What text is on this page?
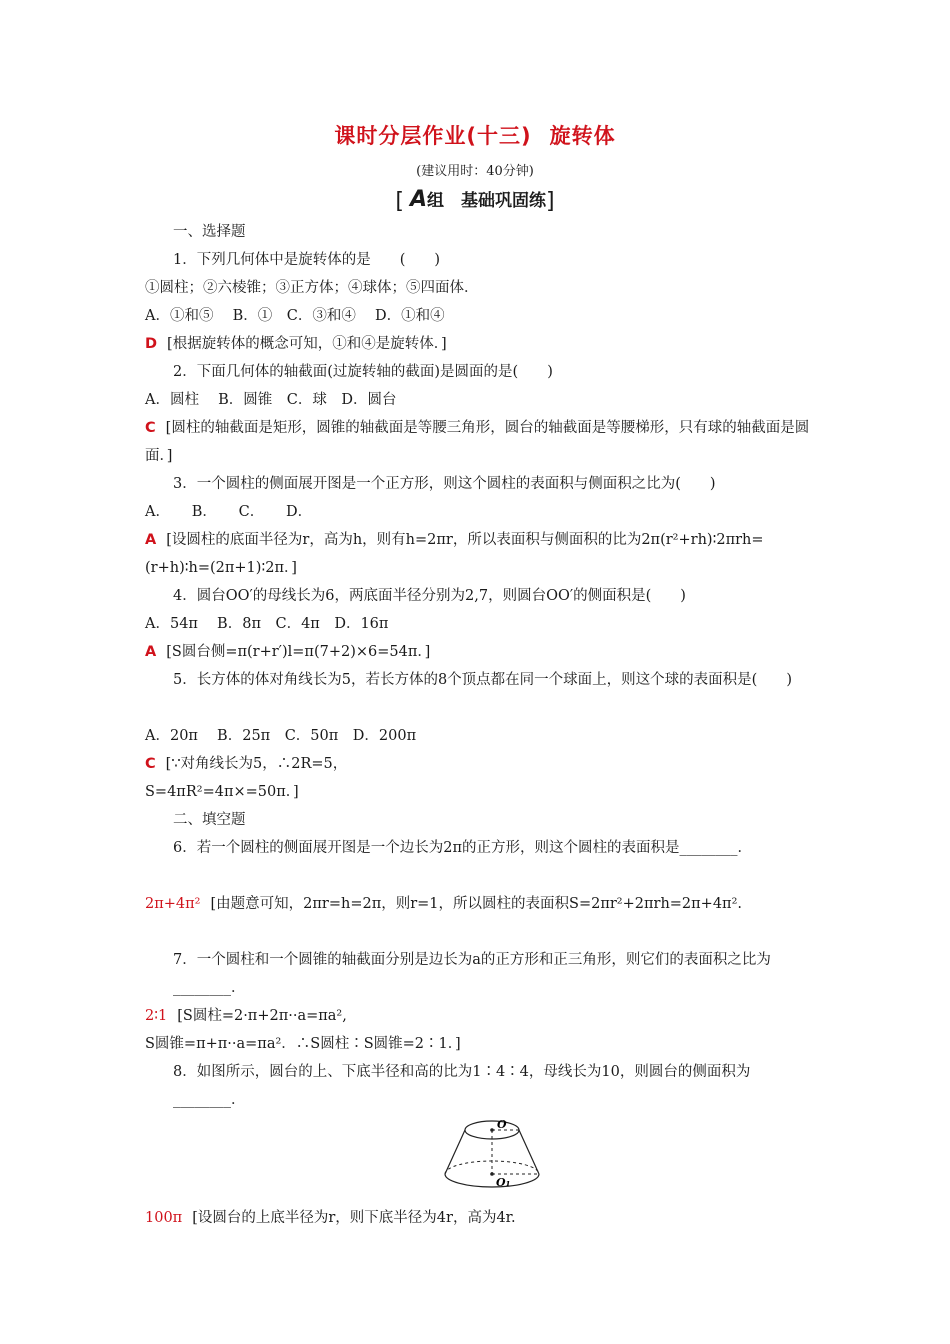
课时分层作业(十三) 旋转体
(建议用时：40分钟)
[ A组　基础巩固练]
一、选择题
1．下列几何体中是旋转体的是　　(　　)
①圆柱；②六棱锥；③正方体；④球体；⑤四面体．
A．①和⑤　 B．①　C．③和④　 D．①和④
D [根据旋转体的概念可知，①和④是旋转体．]
2．下面几何体的轴截面(过旋转轴的截面)是圆面的是(　　)
A．圆柱　 B．圆锥　C．球　D．圆台
C [圆柱的轴截面是矩形，圆锥的轴截面是等腰三角形，圆台的轴截面是等腰梯形，只有球的轴截面是圆面．]
3．一个圆柱的侧面展开图是一个正方形，则这个圆柱的表面积与侧面积之比为(　　)
A．　　B．　　C．　　D．
A [设圆柱的底面半径为r，高为h，则有h=2πr，所以表面积与侧面积的比为2π(r²+rh)∶2πrh=(r+h)∶h=(2π+1)∶2π．]
4．圆台OO′的母线长为6，两底面半径分别为2,7，则圆台OO′的侧面积是(　　)
A．54π　 B．8π　C．4π　D．16π
A [S圆台侧=π(r+r′)l=π(7+2)×6=54π．]
5．长方体的体对角线长为5，若长方体的8个顶点都在同一个球面上，则这个球的表面积是(　　)
A．20π　 B．25π　C．50π　D．200π
C [∵对角线长为5，∴2R=5，
S=4πR²=4π×=50π．]
二、填空题
6．若一个圆柱的侧面展开图是一个边长为2π的正方形，则这个圆柱的表面积是________．
2π+4π² [由题意可知，2πr=h=2π，则r=1，所以圆柱的表面积S=2πr²+2πrh=2π+4π².
7．一个圆柱和一个圆锥的轴截面分别是边长为a的正方形和正三角形，则它们的表面积之比为________．
2∶1 [S圆柱=2·π+2π··a=πa²,
S圆锥=π+π··a=πa²．∴S圆柱∶S圆锥=2∶1．]
8．如图所示，圆台的上、下底半径和高的比为1∶4∶4，母线长为10，则圆台的侧面积为________．
O
O₁
100π [设圆台的上底半径为r，则下底半径为4r，高为4r.
